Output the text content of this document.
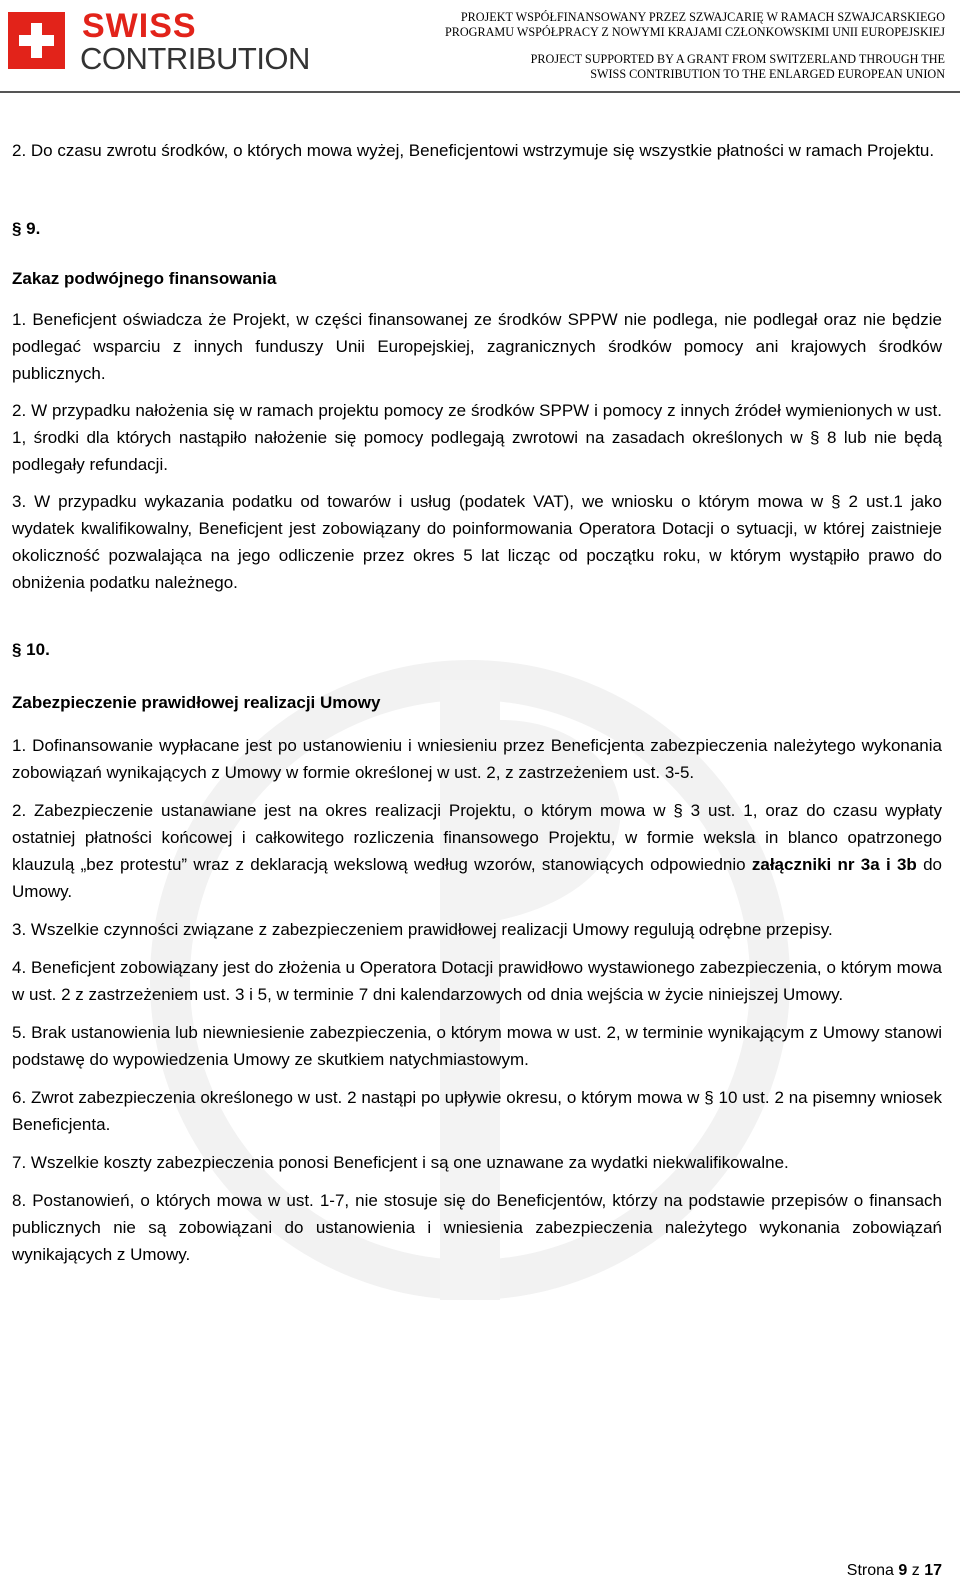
SWISS
CONTRIBUTION
PROJEKT WSPÓŁFINANSOWANY PRZEZ SZWAJCARIĘ W RAMACH SZWAJCARSKIEGO
PROGRAMU WSPÓŁPRACY Z NOWYMI KRAJAMI CZŁONKOWSKIMI UNII EUROPEJSKIEJ
PROJECT SUPPORTED BY A GRANT FROM SWITZERLAND THROUGH THE
SWISS CONTRIBUTION TO THE ENLARGED EUROPEAN UNION

2. Do czasu zwrotu środków, o których mowa wyżej, Beneficjentowi wstrzymuje się wszystkie płatności w ramach Projektu.

§ 9.

Zakaz podwójnego finansowania

1. Beneficjent oświadcza że Projekt, w części finansowanej ze środków SPPW nie podlega, nie podlegał oraz nie będzie podlegać wsparciu z innych funduszy Unii Europejskiej, zagranicznych środków pomocy ani krajowych środków publicznych.

2. W przypadku nałożenia się w ramach projektu pomocy ze środków SPPW i pomocy z innych źródeł wymienionych w ust. 1, środki dla których nastąpiło nałożenie się pomocy podlegają zwrotowi na zasadach określonych w § 8 lub nie będą podlegały refundacji.

3. W przypadku wykazania podatku od towarów i usług (podatek VAT), we wniosku o którym mowa w § 2 ust.1 jako wydatek kwalifikowalny, Beneficjent jest zobowiązany do poinformowania Operatora Dotacji o sytuacji, w której zaistnieje okoliczność pozwalająca na jego odliczenie przez okres 5 lat licząc od początku roku, w którym wystąpiło prawo do obniżenia podatku należnego.

§ 10.

Zabezpieczenie prawidłowej realizacji Umowy

1. Dofinansowanie wypłacane jest po ustanowieniu i wniesieniu przez Beneficjenta zabezpieczenia należytego wykonania zobowiązań wynikających z Umowy w formie określonej w ust. 2, z zastrzeżeniem ust. 3-5.

2. Zabezpieczenie ustanawiane jest na okres realizacji Projektu, o którym mowa w § 3 ust. 1, oraz do czasu wypłaty ostatniej płatności końcowej i całkowitego rozliczenia finansowego Projektu, w formie weksla in blanco opatrzonego klauzulą „bez protestu” wraz z deklaracją wekslową według wzorów, stanowiących odpowiednio załączniki nr 3a i 3b do Umowy.

3. Wszelkie czynności związane z zabezpieczeniem prawidłowej realizacji Umowy regulują odrębne przepisy.

4. Beneficjent zobowiązany jest do złożenia u Operatora Dotacji prawidłowo wystawionego zabezpieczenia, o którym mowa w ust. 2 z zastrzeżeniem ust. 3 i 5, w terminie 7 dni kalendarzowych od dnia wejścia w życie niniejszej Umowy.

5. Brak ustanowienia lub niewniesienie zabezpieczenia, o którym mowa w ust. 2, w terminie wynikającym z Umowy stanowi podstawę do wypowiedzenia Umowy ze skutkiem natychmiastowym.

6. Zwrot zabezpieczenia określonego w ust. 2 nastąpi po upływie okresu, o którym mowa w § 10 ust. 2 na pisemny wniosek Beneficjenta.

7. Wszelkie koszty zabezpieczenia ponosi Beneficjent i są one uznawane za wydatki niekwalifikowalne.

8. Postanowień, o których mowa w ust. 1-7, nie stosuje się do Beneficjentów, którzy na podstawie przepisów o finansach publicznych nie są zobowiązani do ustanowienia i wniesienia zabezpieczenia należytego wykonania zobowiązań wynikających z Umowy.

Strona 9 z 17
